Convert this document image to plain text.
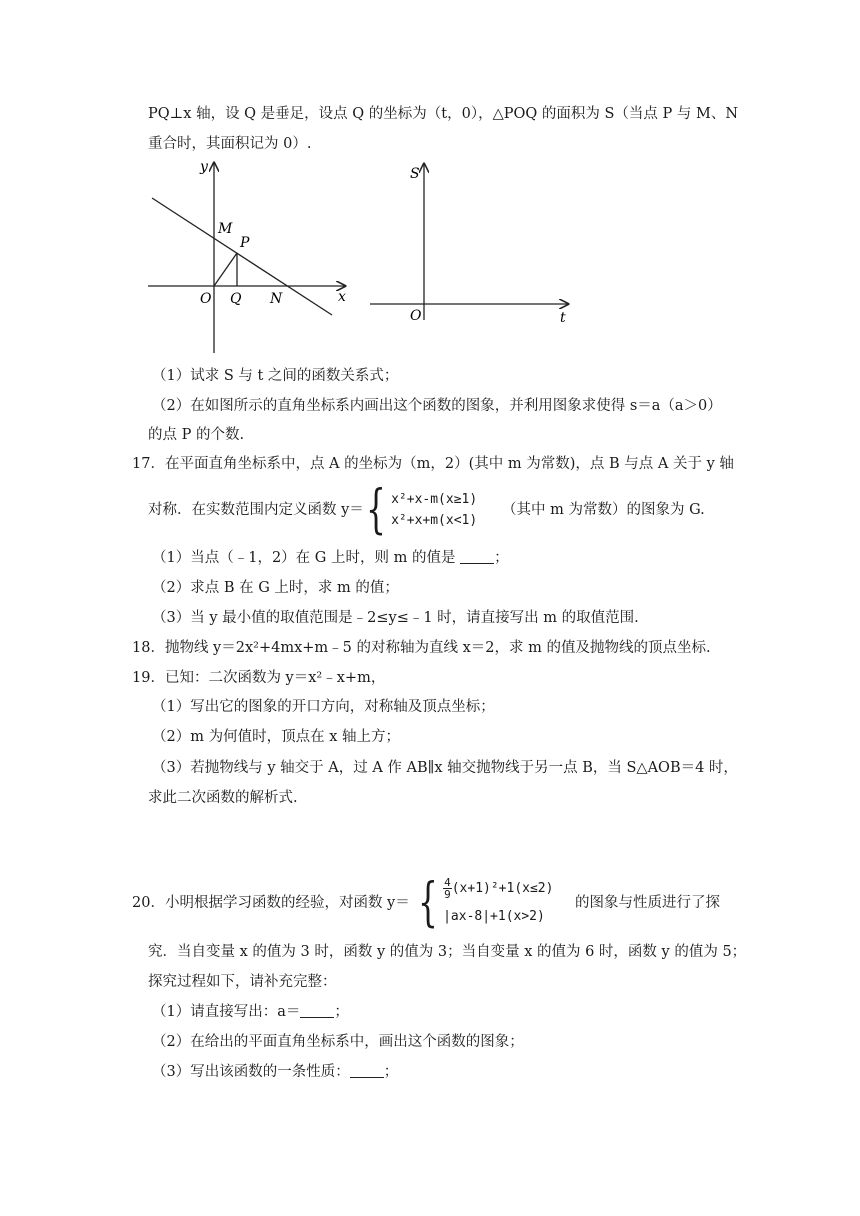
PQ⊥x 轴，设 Q 是垂足，设点 Q 的坐标为（t，0），△POQ 的面积为 S（当点 P 与 M、N
重合时，其面积记为 0）.
y
M
P
O Q N	x
S
O	t
（1）试求 S 与 t 之间的函数关系式；
（2）在如图所示的直角坐标系内画出这个函数的图象，并利用图象求使得 s＝a（a＞0）
的点 P 的个数.
17．在平面直角坐标系中，点 A 的坐标为（m，2）(其中 m 为常数)，点 B 与点 A 关于 y 轴
对称．在实数范围内定义函数 y＝ { x²+x-m(x≥1)
x²+x+m(x<1)
（其中 m 为常数）的图象为 G.
（1）当点（﹣1，2）在 G 上时，则 m 的值是	；
（2）求点 B 在 G 上时，求 m 的值；
（3）当 y 最小值的取值范围是﹣2≤y≤﹣1 时，请直接写出 m 的取值范围.
18．抛物线 y＝2x²+4mx+m﹣5 的对称轴为直线 x＝2，求 m 的值及抛物线的顶点坐标.
19．已知：二次函数为 y＝x²﹣x+m，
（1）写出它的图象的开口方向，对称轴及顶点坐标；
（2）m 为何值时，顶点在 x 轴上方；
（3）若抛物线与 y 轴交于 A，过 A 作 AB∥x 轴交抛物线于另一点 B，当 S△AOB＝4 时，
求此二次函数的解析式.
20．小明根据学习函数的经验，对函数 y＝ { $\frac{4}{9} (x+1)^2+1(x\le 2)$
|ax-8|+1(x>2)
的图象与性质进行了探
究．当自变量 x 的值为 3 时，函数 y 的值为 3；当自变量 x 的值为 6 时，函数 y 的值为 5；
探究过程如下，请补充完整：
（1）请直接写出：a＝ ；
（2）在给出的平面直角坐标系中，画出这个函数的图象；
（3）写出该函数的一条性质： ；
